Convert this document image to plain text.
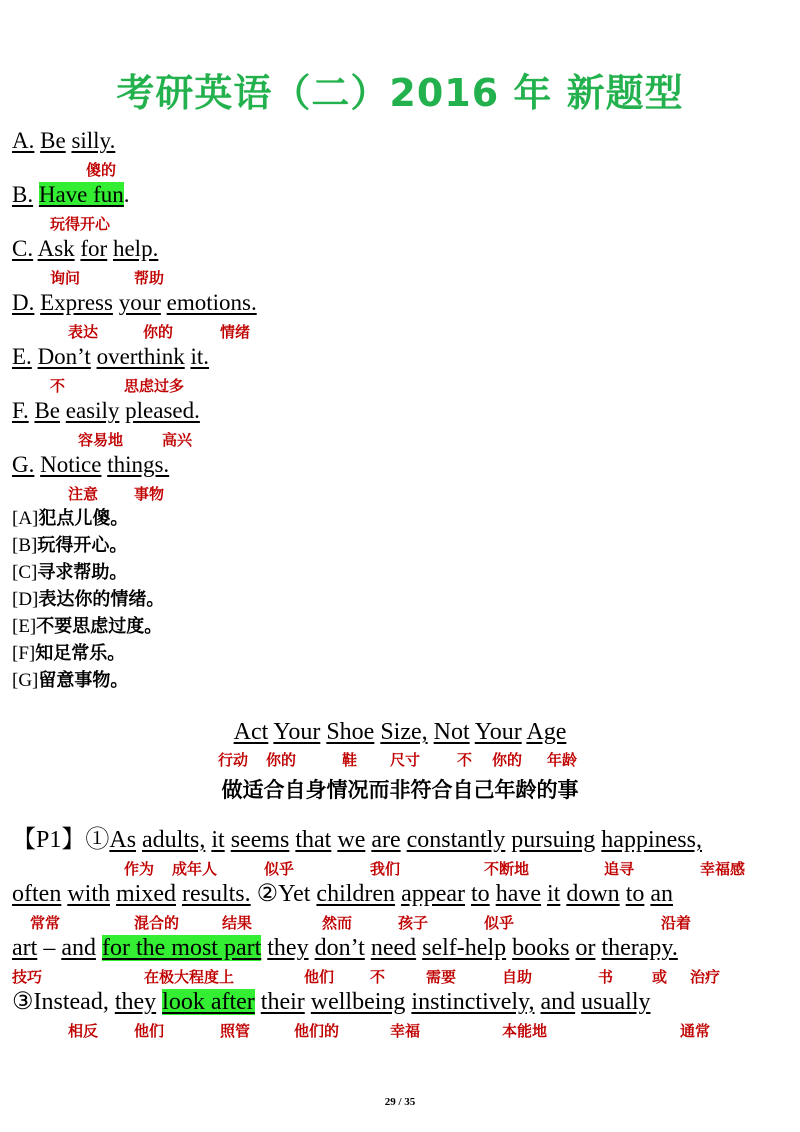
考研英语（二）2016 年 新题型
A. Be silly.
傻的
B. Have fun.
玩得开心
C. Ask for help.
询问	帮助
D. Express your emotions.
表达	你的	情绪
E. Don’t overthink it.
不	思虑过多
F. Be easily pleased.
容易地	高兴
G. Notice things.
注意 事物
[A]犯点儿傻。
[B]玩得开心。
[C]寻求帮助。
[D]表达你的情绪。
[E]不要思虑过度。
[F]知足常乐。
[G]留意事物。
Act Your Shoe Size, Not Your Age
行动 你的	鞋 尺寸 不 你的 年龄
做适合自身情况而非符合自己年龄的事
【P1】①As adults, it seems that we are constantly pursuing happiness,
作为 成年人	似乎	我们	不断地	追寻	幸福感
often with mixed results. ②Yet children appear to have it down to an
常常	混合的	结果	然而	孩子	似乎	沿着
art – and for the most part they don’t need self-help books or therapy.
技巧	在极大程度上	他们 不	需要	自助	书	或 治疗
③Instead, they look after their wellbeing instinctively, and usually
相反 他们	照管	他们的	幸福	本能地	通常
29 / 35
